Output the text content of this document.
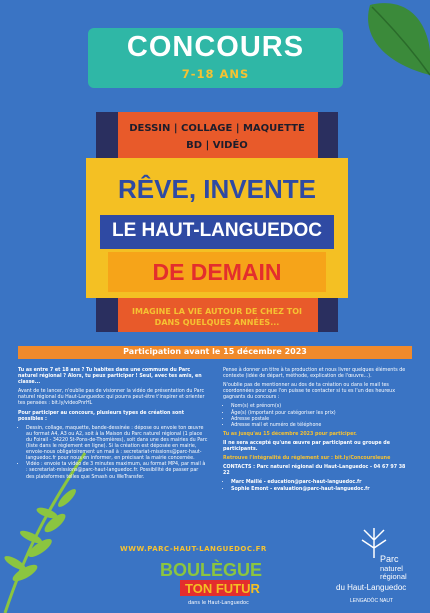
CONCOURS
7-18 ANS
DESSIN | COLLAGE | MAQUETTE
BD | VIDÉO
RÊVE, INVENTE
LE HAUT-LANGUEDOC
DE DEMAIN
IMAGINE LA VIE AUTOUR DE CHEZ TOI
DANS QUELQUES ANNÉES...
Participation avant le 15 décembre 2023

Tu as entre 7 et 18 ans ? Tu habites dans une commune du Parc naturel régional ? Alors, tu peux participer ! Seul, avec tes amis, en classe...

Avant de te lancer, n'oublie pas de visionner la vidéo de présentation du Parc naturel régional du Haut-Languedoc qui pourra peut-être t'inspirer et orienter tes pensées : bit.ly/videoPnrHL

Pour participer au concours, plusieurs types de création sont possibles :

• Dessin, collage, maquette, bande-dessinée : dépose ou envoie ton œuvre au format A4, A3 ou A2, soit à la Maison du Parc naturel régional (1 place du Foirail - 34220 St-Pons-de-Thomières), soit dans une des mairies du Parc (liste dans le règlement en ligne). Si la création est déposée en mairie, envoie-nous obligatoirement un mail à : secretariat-missions@parc-haut-languedoc.fr pour nous en informer, en précisant la mairie concernée.
• Vidéo : envoie ta vidéo de 3 minutes maximum, au format MP4, par mail à : secretariat-missions@parc-haut-languedoc.fr. Possibilité de passer par des plateformes telles que Smash ou WeTransfer.

Pense à donner un titre à ta production et nous livrer quelques éléments de contexte (idée de départ, méthode, explication de l'œuvre...).

N'oublie pas de mentionner au dos de ta création ou dans le mail tes coordonnées pour que l'on puisse te contacter si tu es l'un des heureux gagnants du concours :

• Nom(s) et prénom(s)
• Âge(s) (important pour catégoriser les prix)
• Adresse postale
• Adresse mail et numéro de téléphone

Tu as jusqu'au 15 décembre 2023 pour participer.

Il ne sera accepté qu'une œuvre par participant ou groupe de participants.

Retrouve l'intégralité du règlement sur : bit.ly/Concoursleune

CONTACTS : Parc naturel régional du Haut-Languedoc - 04 67 97 38 22

• Marc Maillé - education@parc-haut-languedoc.fr
• Sophie Emont - evaluation@parc-haut-languedoc.fr
WWW.PARC-HAUT-LANGUEDOC.FR
BOULÈGUE
TON FUTUR
dans le Haut-Languedoc
Parc
naturel
régional
du Haut-Languedoc
LENGADÒC NAUT
